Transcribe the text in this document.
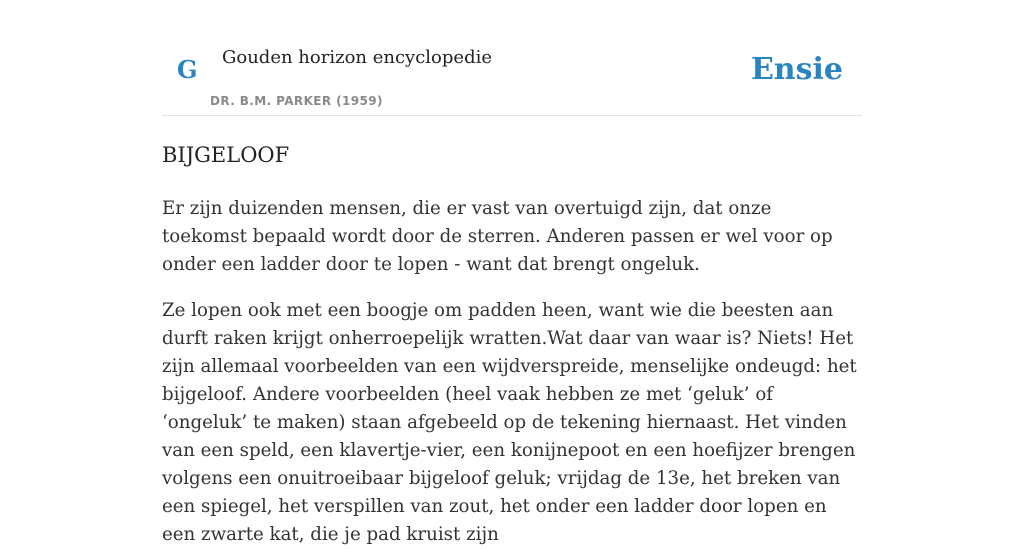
G Gouden horizon encyclopedie
DR. B.M. PARKER (1959)
Ensie
BIJGELOOF

Er zijn duizenden mensen, die er vast van overtuigd zijn, dat onze toekomst bepaald wordt door de sterren. Anderen passen er wel voor op onder een ladder door te lopen - want dat brengt ongeluk.

Ze lopen ook met een boogje om padden heen, want wie die beesten aan durft raken krijgt onherroepelijk wratten.Wat daar van waar is? Niets! Het zijn allemaal voorbeelden van een wijdverspreide, menselijke ondeugd: het bijgeloof. Andere voorbeelden (heel vaak hebben ze met ‘geluk’ of ‘ongeluk’ te maken) staan afgebeeld op de tekening hiernaast. Het vinden van een speld, een klavertje-vier, een konijnepoot en een hoefijzer brengen volgens een onuitroeibaar bijgeloof geluk; vrijdag de 13e, het breken van een spiegel, het verspillen van zout, het onder een ladder door lopen en een zwarte kat, die je pad kruist zijn
